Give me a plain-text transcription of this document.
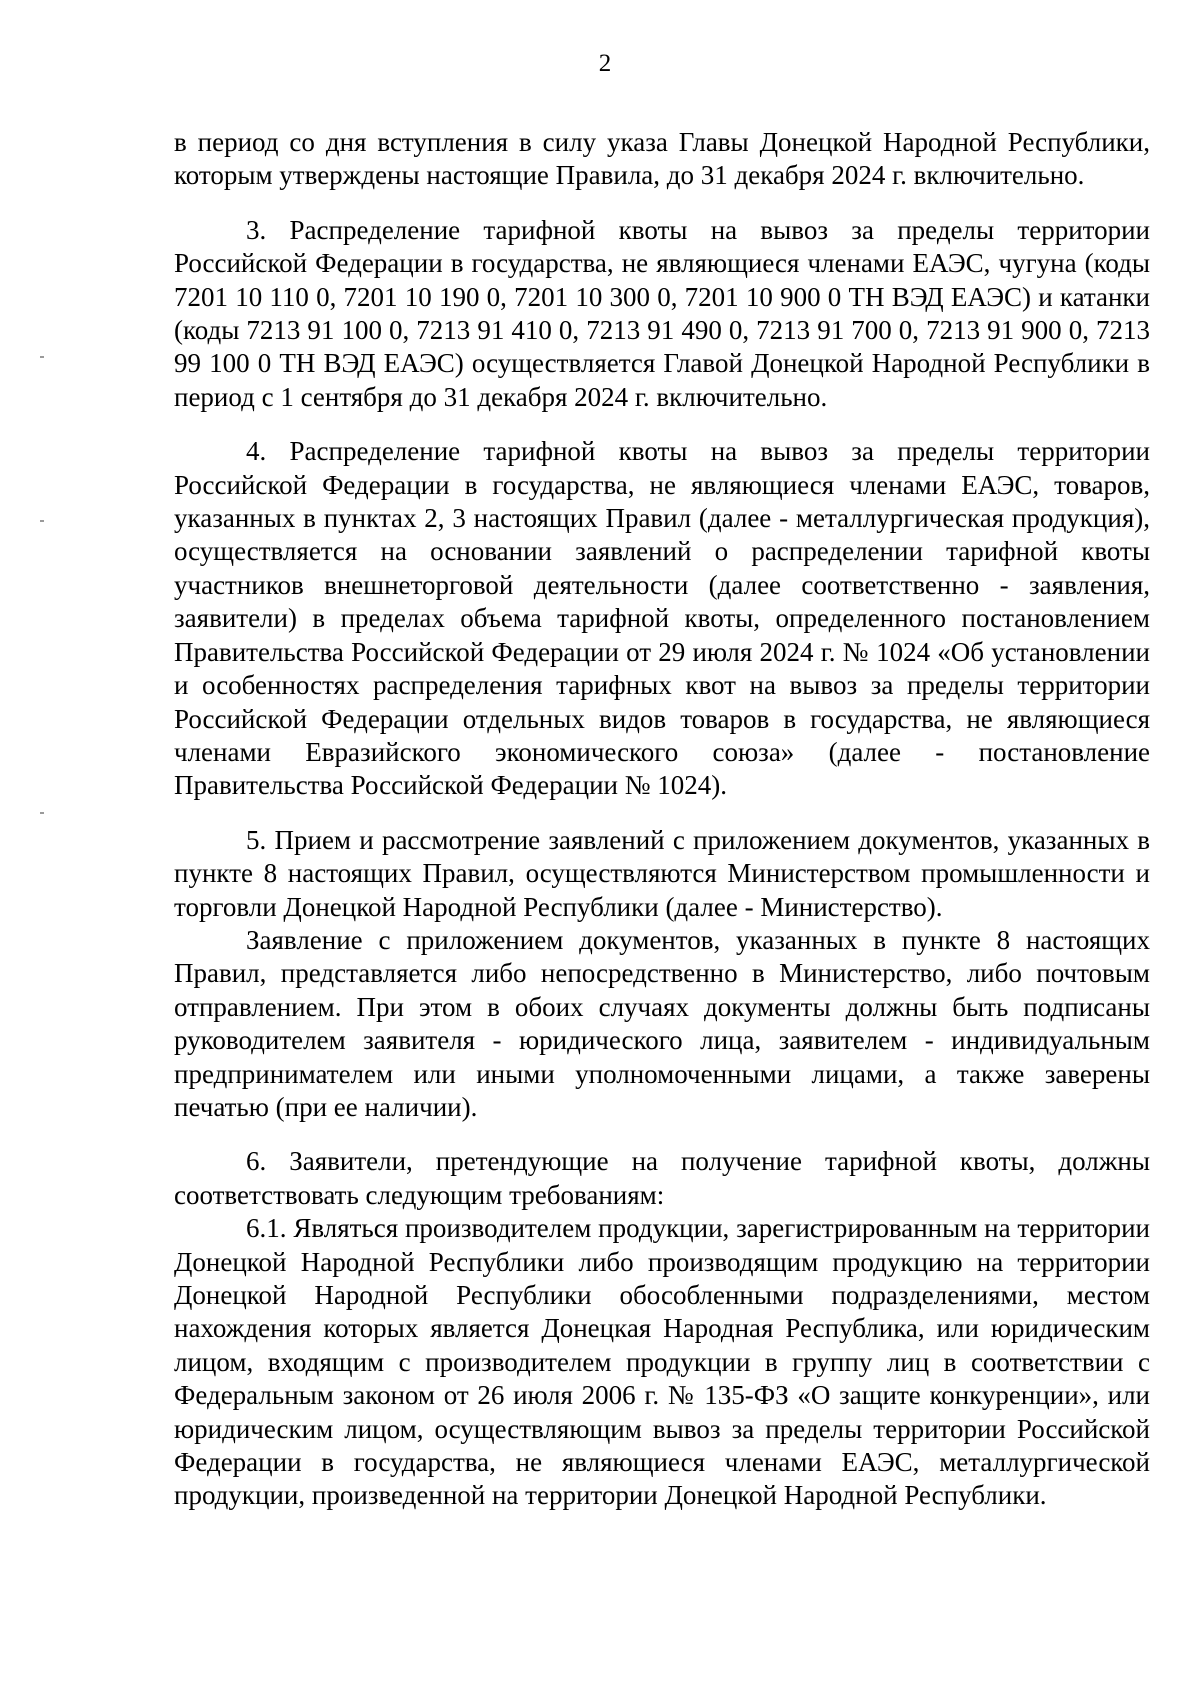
2

в период со дня вступления в силу указа Главы Донецкой Народной Республики, которым утверждены настоящие Правила, до 31 декабря 2024 г. включительно.

3. Распределение тарифной квоты на вывоз за пределы территории Российской Федерации в государства, не являющиеся членами ЕАЭС, чугуна (коды 7201 10 110 0, 7201 10 190 0, 7201 10 300 0, 7201 10 900 0 ТН ВЭД ЕАЭС) и катанки (коды 7213 91 100 0, 7213 91 410 0, 7213 91 490 0, 7213 91 700 0, 7213 91 900 0, 7213 99 100 0 ТН ВЭД ЕАЭС) осуществляется Главой Донецкой Народной Республики в период с 1 сентября до 31 декабря 2024 г. включительно.

4. Распределение тарифной квоты на вывоз за пределы территории Российской Федерации в государства, не являющиеся членами ЕАЭС, товаров, указанных в пунктах 2, 3 настоящих Правил (далее - металлургическая продукция), осуществляется на основании заявлений о распределении тарифной квоты участников внешнеторговой деятельности (далее соответственно - заявления, заявители) в пределах объема тарифной квоты, определенного постановлением Правительства Российской Федерации от 29 июля 2024 г. № 1024 «Об установлении и особенностях распределения тарифных квот на вывоз за пределы территории Российской Федерации отдельных видов товаров в государства, не являющиеся членами Евразийского экономического союза» (далее - постановление Правительства Российской Федерации № 1024).

5. Прием и рассмотрение заявлений с приложением документов, указанных в пункте 8 настоящих Правил, осуществляются Министерством промышленности и торговли Донецкой Народной Республики (далее - Министерство).

Заявление с приложением документов, указанных в пункте 8 настоящих Правил, представляется либо непосредственно в Министерство, либо почтовым отправлением. При этом в обоих случаях документы должны быть подписаны руководителем заявителя - юридического лица, заявителем - индивидуальным предпринимателем или иными уполномоченными лицами, а также заверены печатью (при ее наличии).

6. Заявители, претендующие на получение тарифной квоты, должны соответствовать следующим требованиям:

6.1. Являться производителем продукции, зарегистрированным на территории Донецкой Народной Республики либо производящим продукцию на территории Донецкой Народной Республики обособленными подразделениями, местом нахождения которых является Донецкая Народная Республика, или юридическим лицом, входящим с производителем продукции в группу лиц в соответствии с Федеральным законом от 26 июля 2006 г. № 135-ФЗ «О защите конкуренции», или юридическим лицом, осуществляющим вывоз за пределы территории Российской Федерации в государства, не являющиеся членами ЕАЭС, металлургической продукции, произведенной на территории Донецкой Народной Республики.
